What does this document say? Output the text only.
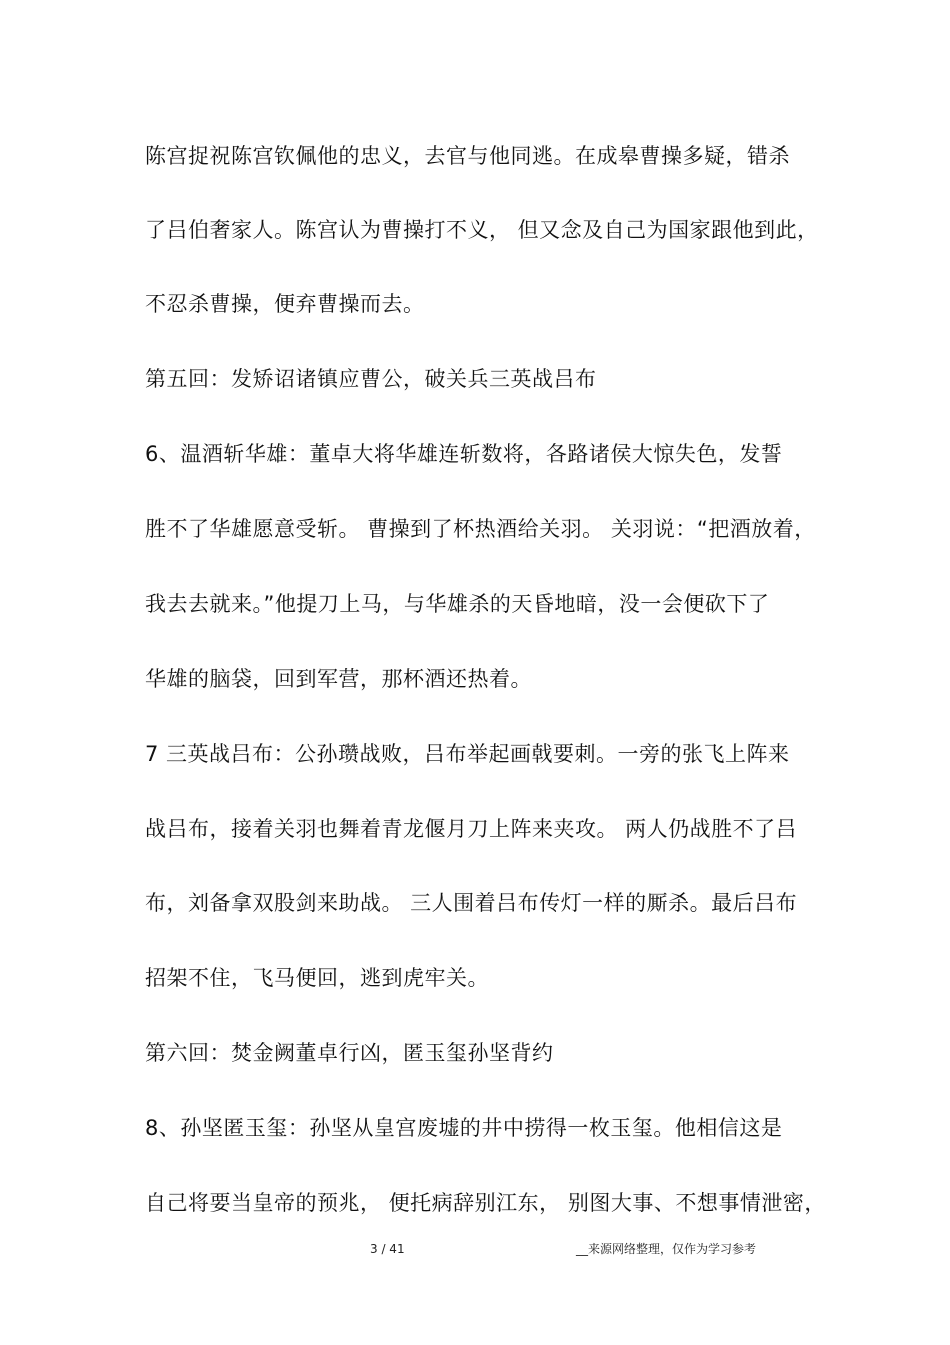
陈宫捉祝陈宫钦佩他的忠义，去官与他同逃。在成皋曹操多疑，错杀
了吕伯奢家人。陈宫认为曹操打不义， 但又念及自己为国家跟他到此，
不忍杀曹操，便弃曹操而去。
第五回：发矫诏诸镇应曹公，破关兵三英战吕布
6、温酒斩华雄：董卓大将华雄连斩数将，各路诸侯大惊失色，发誓
胜不了华雄愿意受斩。 曹操到了杯热酒给关羽。 关羽说：“把酒放着，
我去去就来。”他提刀上马，与华雄杀的天昏地暗，没一会便砍下了
华雄的脑袋，回到军营，那杯酒还热着。
7 三英战吕布：公孙瓒战败，吕布举起画戟要刺。一旁的张飞上阵来
战吕布，接着关羽也舞着青龙偃月刀上阵来夹攻。 两人仍战胜不了吕
布，刘备拿双股剑来助战。 三人围着吕布传灯一样的厮杀。最后吕布
招架不住，飞马便回，逃到虎牢关。
第六回：焚金阙董卓行凶，匿玉玺孙坚背约
8、孙坚匿玉玺：孙坚从皇宫废墟的井中捞得一枚玉玺。他相信这是
自己将要当皇帝的预兆， 便托病辞别江东， 别图大事、不想事情泄密，
3 / 41	__来源网络整理，仅作为学习参考
